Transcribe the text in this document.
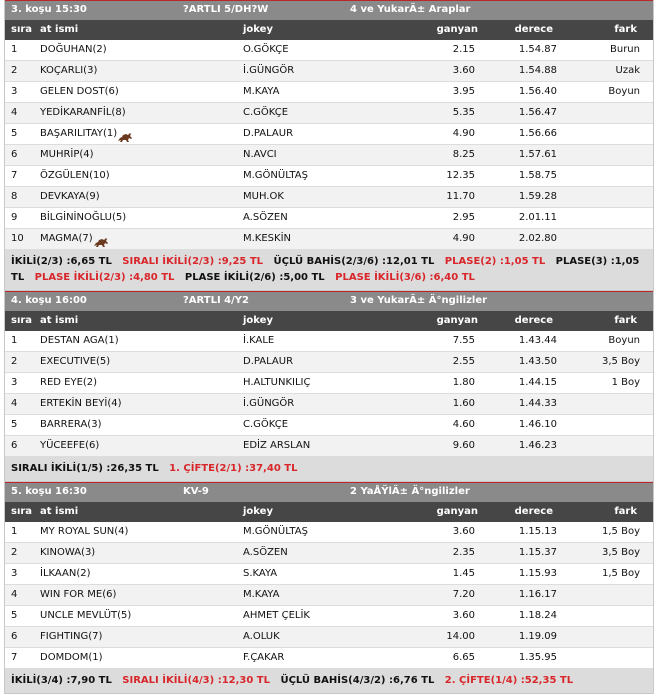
3. koşu 15:30	?ARTLI 5/DH?W	4 ve YukarÄ± Araplar
sıra at ismi	jokey	ganyan	derece	fark
1 DOĞUHAN(2)	O.GÖKÇE	2.15	1.54.87	Burun
2 KOÇARLI(3)	İ.GÜNGÖR	3.60	1.54.88	Uzak
3 GELEN DOST(6)	M.KAYA	3.95	1.56.40	Boyun
4 YEDİKARANFİL(8)	C.GÖKÇE	5.35	1.56.47
5 BAŞARILITAY(1)	D.PALAUR	4.90	1.56.66
6 MUHRİP(4)	N.AVCI	8.25	1.57.61
7 ÖZGÜLEN(10)	M.GÖNÜLTAŞ	12.35	1.58.75
8 DEVKAYA(9)	MUH.OK	11.70	1.59.28
9 BİLGİNİNOĞLU(5)	A.SÖZEN	2.95	2.01.11
10 MAGMA(7)	M.KESKİN	4.90	2.02.80
İKİLİ(2/3) :6,65 TL SIRALI İKİLİ(2/3) :9,25 TL ÜÇLÜ BAHİS(2/3/6) :12,01 TL PLASE(2) :1,05 TL PLASE(3) :1,05 TL PLASE İKİLİ(2/3) :4,80 TL PLASE İKİLİ(2/6) :5,00 TL PLASE İKİLİ(3/6) :6,40 TL
4. koşu 16:00	?ARTLI 4/Y2	3 ve YukarÄ± Ä°ngilizler
sıra at ismi	jokey	ganyan	derece	fark
1 DESTAN AGA(1)	İ.KALE	7.55	1.43.44	Boyun
2 EXECUTIVE(5)	D.PALAUR	2.55	1.43.50	3,5 Boy
3 RED EYE(2)	H.ALTUNKILIÇ	1.80	1.44.15	1 Boy
4 ERTEKİN BEYİ(4)	İ.GÜNGÖR	1.60	1.44.33
5 BARRERA(3)	C.GÖKÇE	4.60	1.46.10
6 YÜCEEFE(6)	EDİZ ARSLAN	9.60	1.46.23
SIRALI İKİLİ(1/5) :26,35 TL 1. ÇİFTE(2/1) :37,40 TL
5. koşu 16:30	KV-9	2 YaÅŸlÄ± Ä°ngilizler
sıra at ismi	jokey	ganyan	derece	fark
1 MY ROYAL SUN(4)	M.GÖNÜLTAŞ	3.60	1.15.13	1,5 Boy
2 KINOWA(3)	A.SÖZEN	2.35	1.15.37	3,5 Boy
3 İLKAAN(2)	S.KAYA	1.45	1.15.93	1,5 Boy
4 WIN FOR ME(6)	M.KAYA	7.20	1.16.17
5 UNCLE MEVLÜT(5)	AHMET ÇELİK	3.60	1.18.24
6 FIGHTING(7)	A.OLUK	14.00	1.19.09
7 DOMDOM(1)	F.ÇAKAR	6.65	1.35.95
İKİLİ(3/4) :7,90 TL SIRALI İKİLİ(4/3) :12,30 TL ÜÇLÜ BAHİS(4/3/2) :6,76 TL 2. ÇİFTE(1/4) :52,35 TL
